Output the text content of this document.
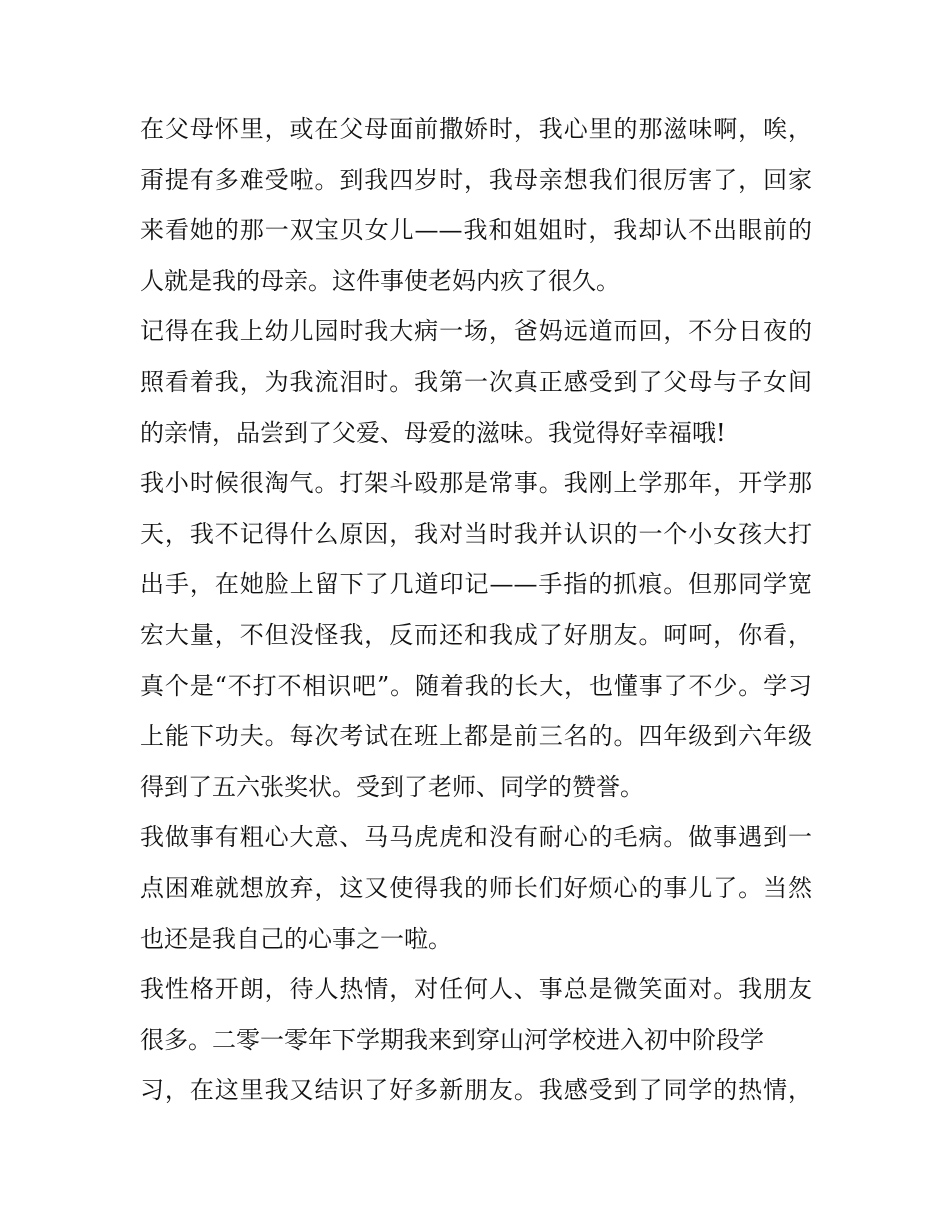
在父母怀里，或在父母面前撒娇时，我心里的那滋味啊，唉，
甭提有多难受啦。到我四岁时，我母亲想我们很厉害了，回家
来看她的那一双宝贝女儿——我和姐姐时，我却认不出眼前的
人就是我的母亲。这件事使老妈内疚了很久。
记得在我上幼儿园时我大病一场，爸妈远道而回，不分日夜的
照看着我，为我流泪时。我第一次真正感受到了父母与子女间
的亲情，品尝到了父爱、母爱的滋味。我觉得好幸福哦!
我小时候很淘气。打架斗殴那是常事。我刚上学那年，开学那
天，我不记得什么原因，我对当时我并认识的一个小女孩大打
出手，在她脸上留下了几道印记——手指的抓痕。但那同学宽
宏大量，不但没怪我，反而还和我成了好朋友。呵呵，你看，
真个是“不打不相识吧”。随着我的长大，也懂事了不少。学习
上能下功夫。每次考试在班上都是前三名的。四年级到六年级
得到了五六张奖状。受到了老师、同学的赞誉。
我做事有粗心大意、马马虎虎和没有耐心的毛病。做事遇到一
点困难就想放弃，这又使得我的师长们好烦心的事儿了。当然
也还是我自己的心事之一啦。
我性格开朗，待人热情，对任何人、事总是微笑面对。我朋友
很多。二零一零年下学期我来到穿山河学校进入初中阶段学
习，在这里我又结识了好多新朋友。我感受到了同学的热情，
